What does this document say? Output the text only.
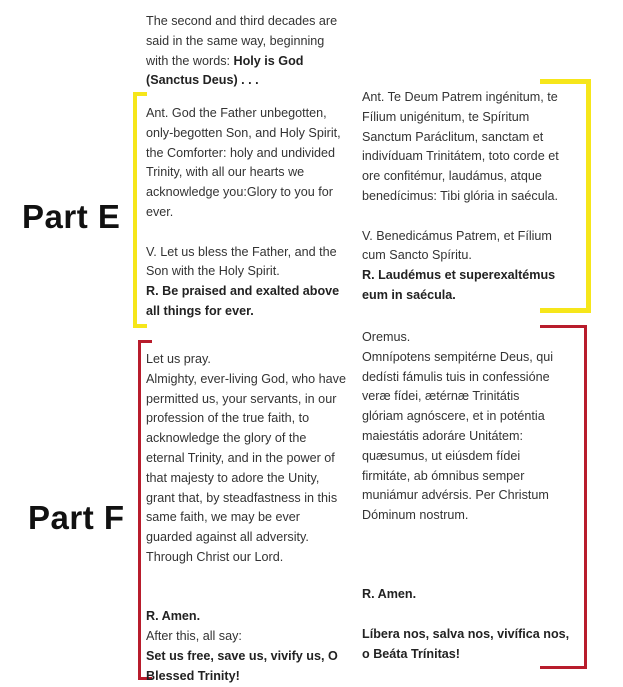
Part E
Part F

The second and third decades are

said in the same way, beginning

with the words: Holy is God

(Sanctus Deus) . . .

Ant. God the Father unbegotten,

only-begotten Son, and Holy Spirit,

the Comforter: holy and undivided

Trinity, with all our hearts we

acknowledge you:Glory to you for

ever.

V. Let us bless the Father, and the

Son with the Holy Spirit.

R. Be praised and exalted above

all things for ever.

Ant. Te Deum Patrem ingénitum, te

Fílium unigénitum, te Spíritum

Sanctum Paráclitum, sanctam et

indivíduam Trinitátem, toto corde et

ore confitémur, laudámus, atque

benedícimus: Tibi glória in saécula.

V. Benedicámus Patrem, et Fílium

cum Sancto Spíritu.

R. Laudémus et superexaltémus

eum in saécula.

Let us pray.

Almighty, ever-living God, who have

permitted us, your servants, in our

profession of the true faith, to

acknowledge the glory of the

eternal Trinity, and in the power of

that majesty to adore the Unity,

grant that, by steadfastness in this

same faith, we may be ever

guarded against all adversity.

Through Christ our Lord.

R. Amen.

After this, all say:

Set us free, save us, vivify us, O

Blessed Trinity!

Oremus.

Omnípotens sempitérne Deus, qui

dedísti fámulis tuis in confessióne

veræ fídei, ætérnæ Trinitátis

glóriam agnóscere, et in poténtia

maiestátis adoráre Unitátem:

quæsumus, ut eiúsdem fídei

firmitáte, ab ómnibus semper

muniámur advérsis. Per Christum

Dóminum nostrum.

R. Amen.

Líbera nos, salva nos, vivífica nos,

o Beáta Trínitas!
